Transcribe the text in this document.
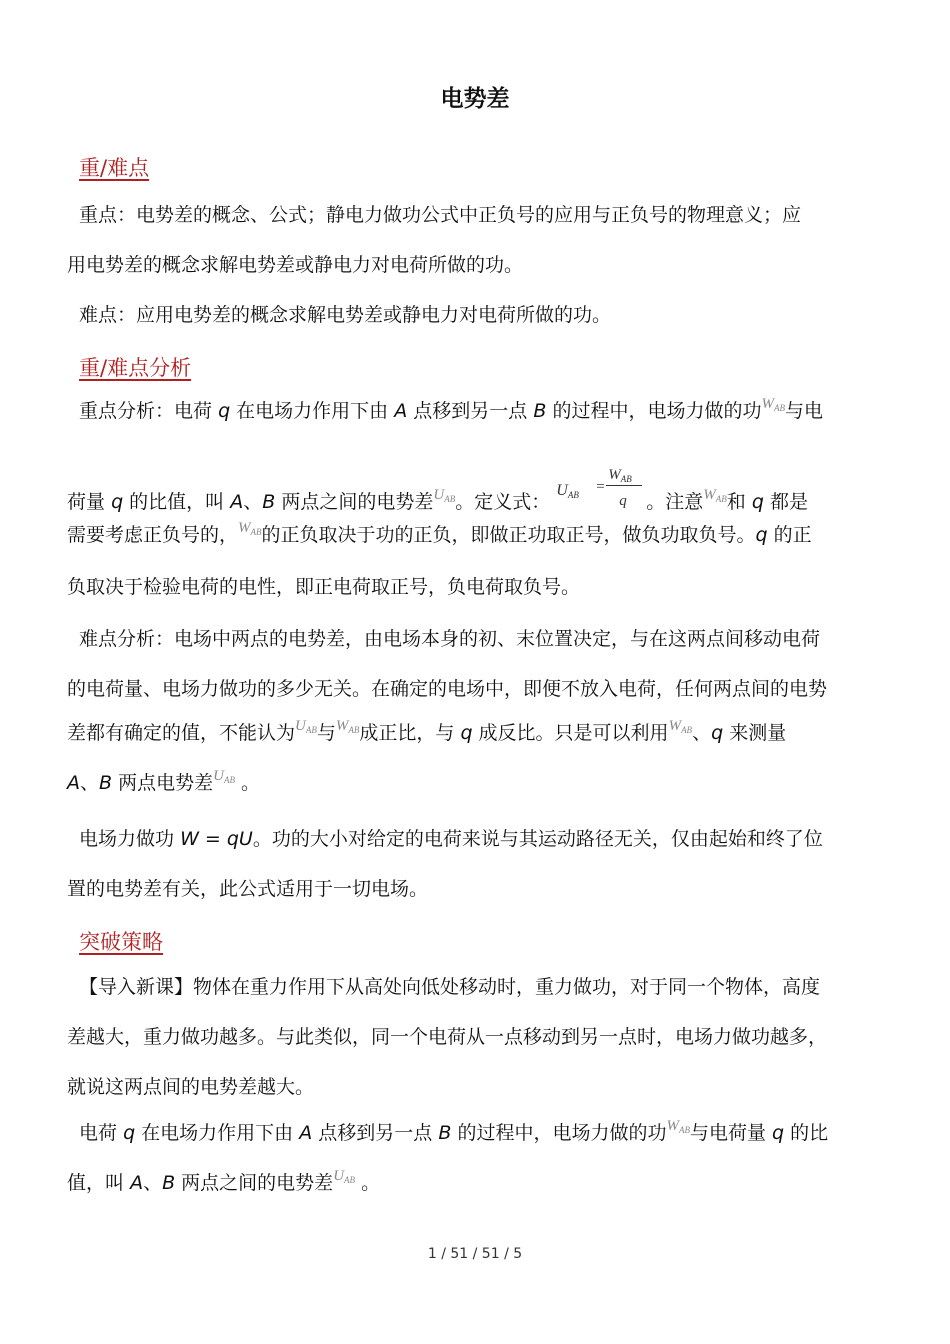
电势差
重/难点
重点：电势差的概念、公式；静电力做功公式中正负号的应用与正负号的物理意义；应
用电势差的概念求解电势差或静电力对电荷所做的功。
难点：应用电势差的概念求解电势差或静电力对电荷所做的功。
重/难点分析
重点分析：电荷 q 在电场力作用下由 A 点移到另一点 B 的过程中，电场力做的功$^{W_{AB}}$与电
荷量 q 的比值，叫 A、B 两点之间的电势差$^{U_{AB}}$。定义式：
$U_{AB}$ =
$W_{AB}$
q 。注意$^{W_{AB}}$和 q 都是
需要考虑正负号的，$^{W_{AB}}$的正负取决于功的正负，即做正功取正号，做负功取负号。q 的正
负取决于检验电荷的电性，即正电荷取正号，负电荷取负号。
难点分析：电场中两点的电势差，由电场本身的初、末位置决定，与在这两点间移动电荷
的电荷量、电场力做功的多少无关。在确定的电场中，即便不放入电荷，任何两点间的电势
差都有确定的值，不能认为$^{U_{AB}}$与$^{W_{AB}}$成正比，与 q 成反比。只是可以利用$^{W_{AB}}$、q 来测量
A、B 两点电势差$^{U_{AB}}$ 。
电场力做功 W = qU。功的大小对给定的电荷来说与其运动路径无关，仅由起始和终了位
置的电势差有关，此公式适用于一切电场。
突破策略
【导入新课】物体在重力作用下从高处向低处移动时，重力做功，对于同一个物体，高度
差越大，重力做功越多。与此类似，同一个电荷从一点移动到另一点时，电场力做功越多，
就说这两点间的电势差越大。
电荷 q 在电场力作用下由 A 点移到另一点 B 的过程中，电场力做的功$^{W_{AB}}$与电荷量 q 的比
值，叫 A、B 两点之间的电势差$^{U_{AB}}$ 。
1 / 51 / 51 / 5
